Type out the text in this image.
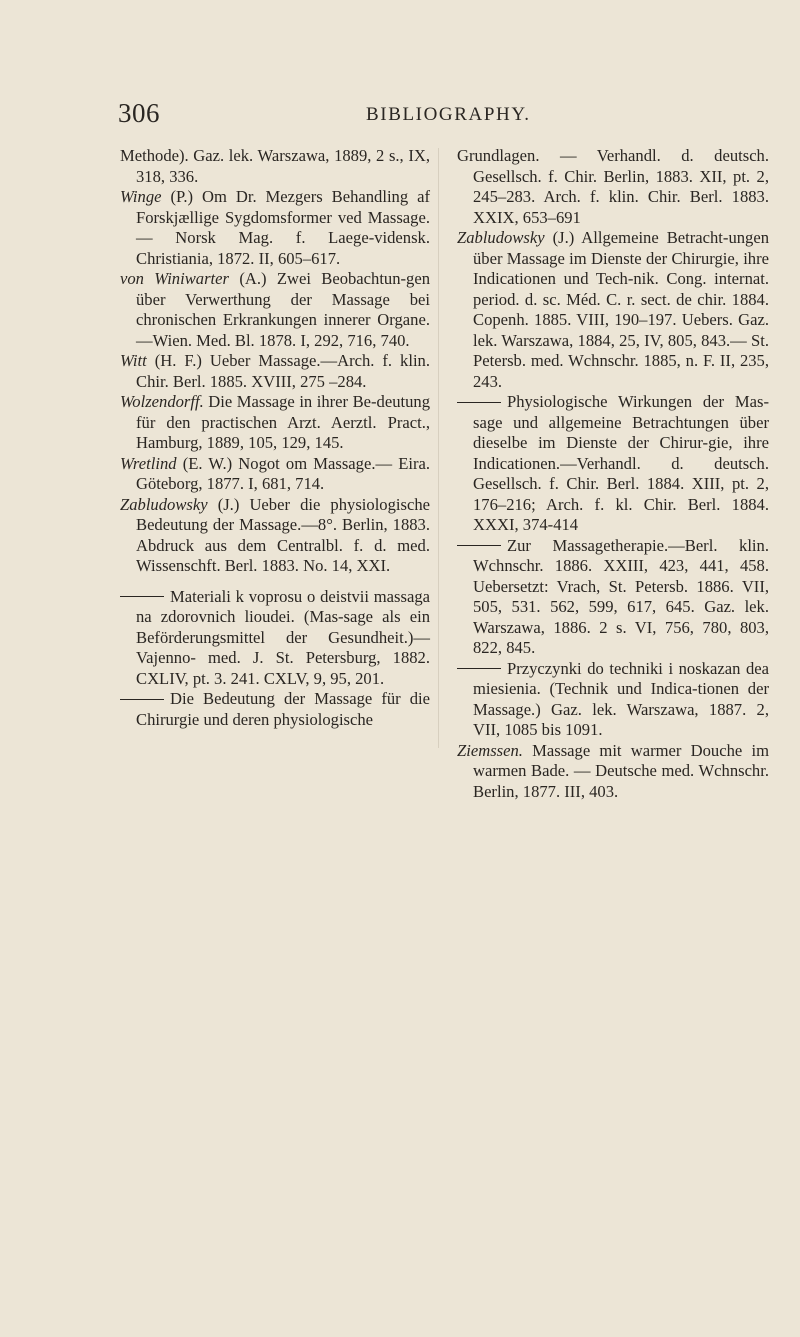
306	BIBLIOGRAPHY.
Methode). Gaz. lek. Warszawa, 1889, 2 s., IX, 318, 336.
Winge (P.) Om Dr. Mezgers Behandling af Forskjællige Sygdomsformer ved Massage. — Norsk Mag. f. Laege-vidensk. Christiania, 1872. II, 605–617.
von Winiwarter (A.) Zwei Beobachtun-gen über Verwerthung der Massage bei chronischen Erkrankungen innerer Organe.—Wien. Med. Bl. 1878. I, 292, 716, 740.
Witt (H. F.) Ueber Massage.—Arch. f. klin. Chir. Berl. 1885. XVIII, 275 –284.
Wolzendorff. Die Massage in ihrer Be-deutung für den practischen Arzt. Aerztl. Pract., Hamburg, 1889, 105, 129, 145.
Wretlind (E. W.) Nogot om Massage.— Eira. Göteborg, 1877. I, 681, 714.
Zabludowsky (J.) Ueber die physiologische Bedeutung der Massage.—8°. Berlin, 1883. Abdruck aus dem Centralbl. f. d. med. Wissenschft. Berl. 1883. No. 14, XXI.
Materiali k voprosu o deistvii massaga na zdorovnich lioudei. (Mas-sage als ein Beförderungsmittel der Gesundheit.)— Vajenno- med. J. St. Petersburg, 1882. CXLIV, pt. 3. 241. CXLV, 9, 95, 201.
Die Bedeutung der Massage für die Chirurgie und deren physiologische
Grundlagen. — Verhandl. d. deutsch. Gesellsch. f. Chir. Berlin, 1883. XII, pt. 2, 245–283. Arch. f. klin. Chir. Berl. 1883. XXIX, 653–691
Zabludowsky (J.) Allgemeine Betracht-ungen über Massage im Dienste der Chirurgie, ihre Indicationen und Tech-nik. Cong. internat. period. d. sc. Méd. C. r. sect. de chir. 1884. Copenh. 1885. VIII, 190–197. Uebers. Gaz. lek. Warszawa, 1884, 25, IV, 805, 843.— St. Petersb. med. Wchnschr. 1885, n. F. II, 235, 243.
Physiologische Wirkungen der Mas-sage und allgemeine Betrachtungen über dieselbe im Dienste der Chirur-gie, ihre Indicationen.—Verhandl. d. deutsch. Gesellsch. f. Chir. Berl. 1884. XIII, pt. 2, 176–216; Arch. f. kl. Chir. Berl. 1884. XXXI, 374-414
Zur Massagetherapie.—Berl. klin. Wchnschr. 1886. XXIII, 423, 441, 458. Uebersetzt: Vrach, St. Petersb. 1886. VII, 505, 531. 562, 599, 617, 645. Gaz. lek. Warszawa, 1886. 2 s. VI, 756, 780, 803, 822, 845.
Przyczynki do techniki i noskazan dea miesienia. (Technik und Indica-tionen der Massage.) Gaz. lek. Warszawa, 1887. 2, VII, 1085 bis 1091.
Ziemssen. Massage mit warmer Douche im warmen Bade. — Deutsche med. Wchnschr. Berlin, 1877. III, 403.
